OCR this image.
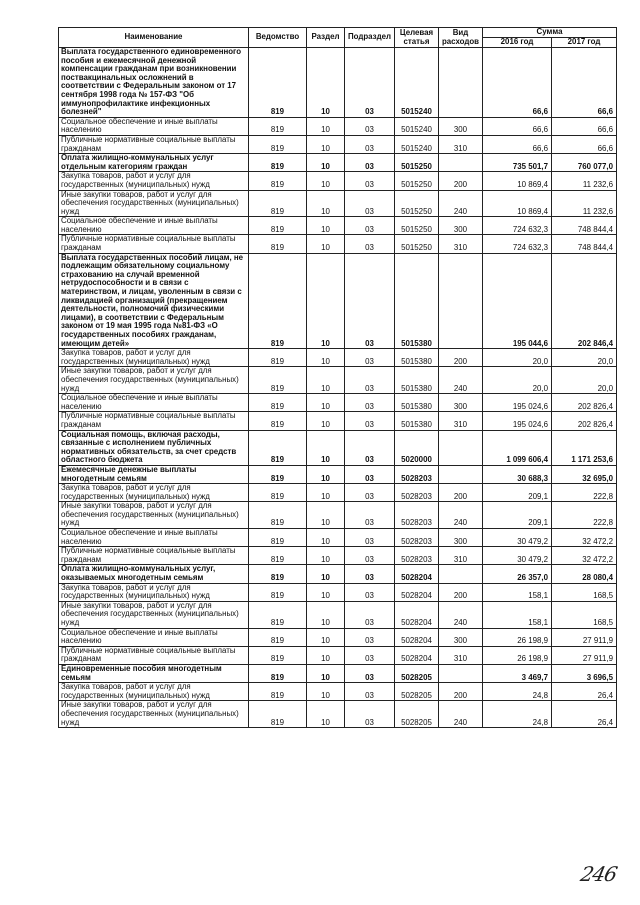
Наименование	Ведомство	Раздел	Подраздел	Целевая статья	Вид расходов	Сумма	
						2016 год	2017 год
Выплата государственного единовременного пособия и ежемесячной денежной компенсации гражданам при возникновении поствакцинальных осложнений в соответствии с Федеральным законом от 17 сентября 1998 года № 157-ФЗ "Об иммунопрофилактике инфекционных болезней"	819	10	03	5015240		66,6	66,6
Социальное обеспечение и иные выплаты населению	819	10	03	5015240	300	66,6	66,6
Публичные нормативные социальные выплаты гражданам	819	10	03	5015240	310	66,6	66,6
Оплата жилищно-коммунальных услуг отдельным категориям граждан	819	10	03	5015250		735 501,7	760 077,0
Закупка товаров, работ и услуг для государственных (муниципальных) нужд	819	10	03	5015250	200	10 869,4	11 232,6
Иные закупки товаров, работ и услуг для обеспечения государственных (муниципальных) нужд	819	10	03	5015250	240	10 869,4	11 232,6
Социальное обеспечение и иные выплаты населению	819	10	03	5015250	300	724 632,3	748 844,4
Публичные нормативные социальные выплаты гражданам	819	10	03	5015250	310	724 632,3	748 844,4
Выплата государственных пособий лицам, не подлежащим обязательному социальному страхованию на случай временной нетрудоспособности и в связи с материнством, и лицам, уволенным в связи с ликвидацией организаций (прекращением деятельности, полномочий физическими лицами), в соответствии с Федеральным законом от 19 мая 1995 года №81-ФЗ «О государственных пособиях гражданам, имеющим детей»	819	10	03	5015380		195 044,6	202 846,4
Закупка товаров, работ и услуг для государственных (муниципальных) нужд	819	10	03	5015380	200	20,0	20,0
Иные закупки товаров, работ и услуг для обеспечения государственных (муниципальных) нужд	819	10	03	5015380	240	20,0	20,0
Социальное обеспечение и иные выплаты населению	819	10	03	5015380	300	195 024,6	202 826,4
Публичные нормативные социальные выплаты гражданам	819	10	03	5015380	310	195 024,6	202 826,4
Социальная помощь, включая расходы, связанные с исполнением публичных нормативных обязательств, за счет средств областного бюджета	819	10	03	5020000		1 099 606,4	1 171 253,6
Ежемесячные денежные выплаты многодетным семьям	819	10	03	5028203		30 688,3	32 695,0
Закупка товаров, работ и услуг для государственных (муниципальных) нужд	819	10	03	5028203	200	209,1	222,8
Иные закупки товаров, работ и услуг для обеспечения государственных (муниципальных) нужд	819	10	03	5028203	240	209,1	222,8
Социальное обеспечение и иные выплаты населению	819	10	03	5028203	300	30 479,2	32 472,2
Публичные нормативные социальные выплаты гражданам	819	10	03	5028203	310	30 479,2	32 472,2
Оплата жилищно-коммунальных услуг, оказываемых многодетным семьям	819	10	03	5028204		26 357,0	28 080,4
Закупка товаров, работ и услуг для государственных (муниципальных) нужд	819	10	03	5028204	200	158,1	168,5
Иные закупки товаров, работ и услуг для обеспечения государственных (муниципальных) нужд	819	10	03	5028204	240	158,1	168,5
Социальное обеспечение и иные выплаты населению	819	10	03	5028204	300	26 198,9	27 911,9
Публичные нормативные социальные выплаты гражданам	819	10	03	5028204	310	26 198,9	27 911,9
Единовременные пособия многодетным семьям	819	10	03	5028205		3 469,7	3 696,5
Закупка товаров, работ и услуг для государственных (муниципальных) нужд	819	10	03	5028205	200	24,8	26,4
Иные закупки товаров, работ и услуг для обеспечения государственных (муниципальных) нужд	819	10	03	5028205	240	24,8	26,4
246
